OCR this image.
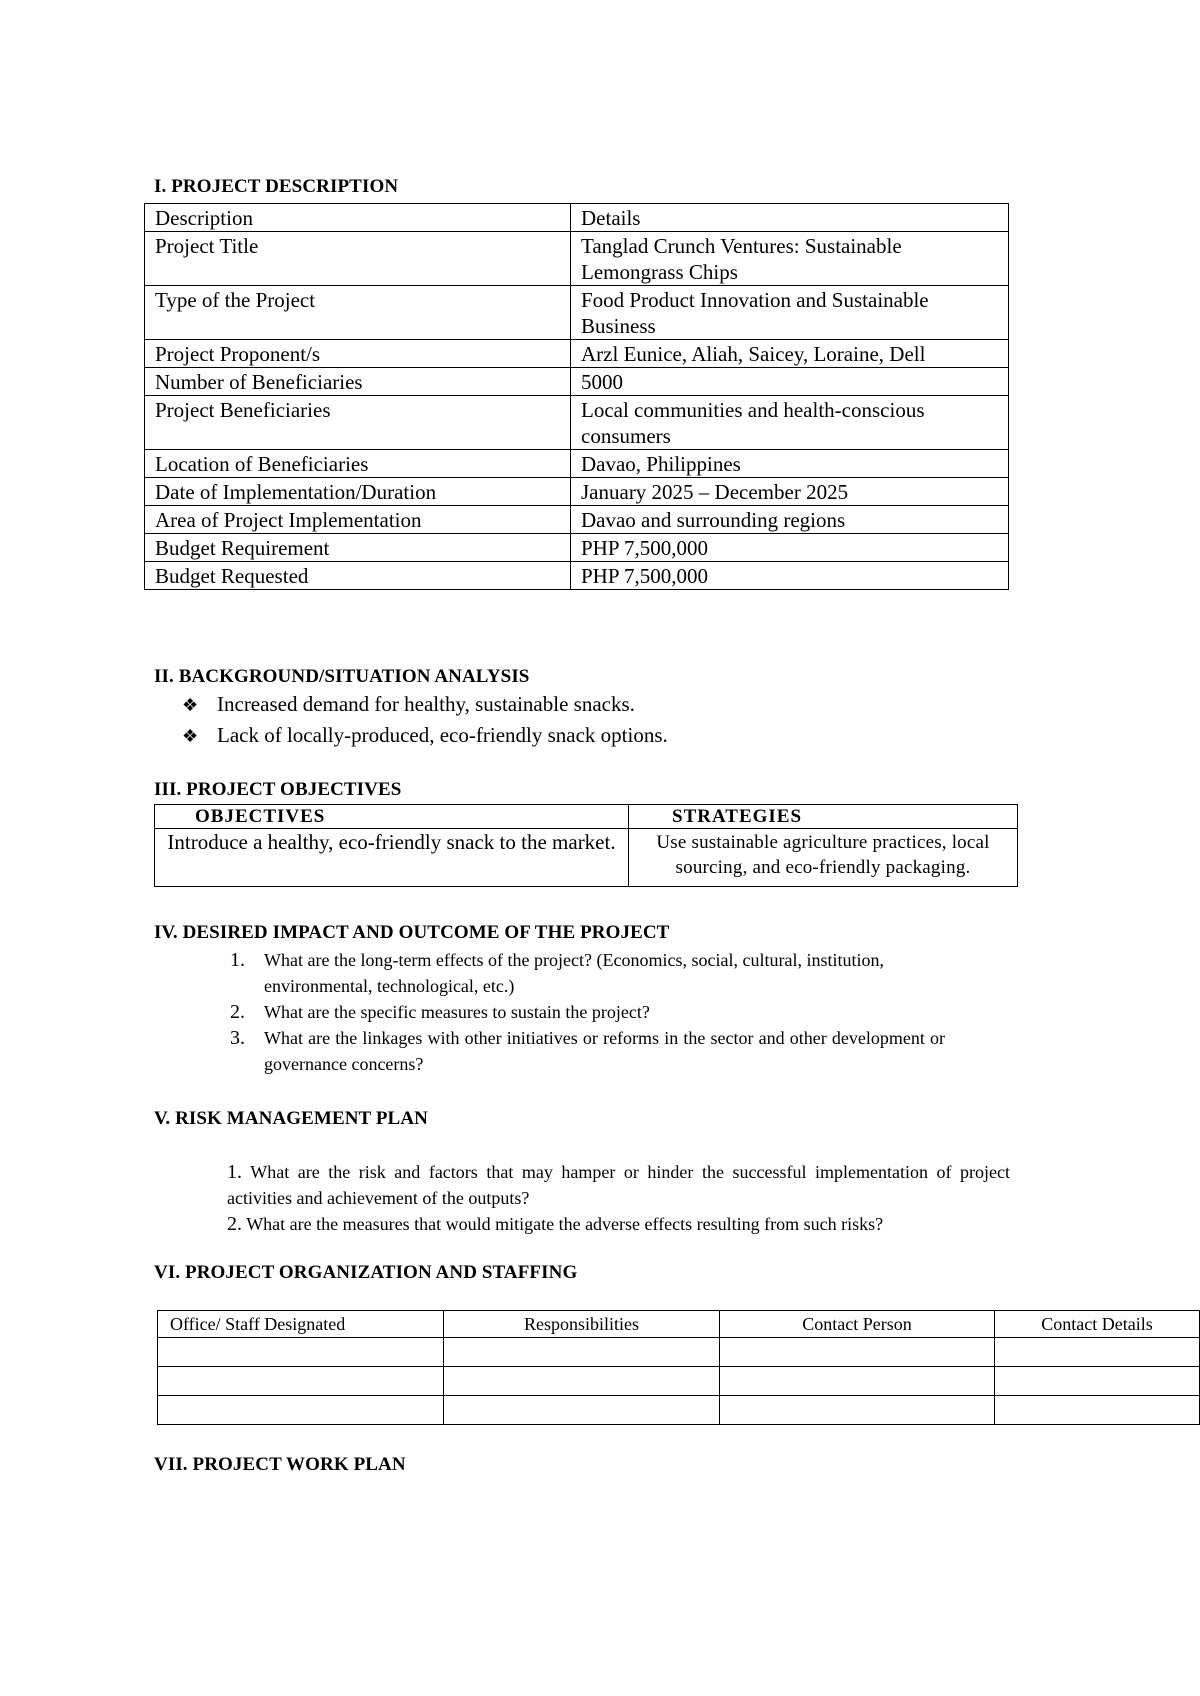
I. PROJECT DESCRIPTION
Description	Details
Project Title	Tanglad Crunch Ventures: Sustainable Lemongrass Chips
Type of the Project	Food Product Innovation and Sustainable Business
Project Proponent/s	Arzl Eunice, Aliah, Saicey, Loraine, Dell
Number of Beneficiaries	5000
Project Beneficiaries	Local communities and health-conscious consumers
Location of Beneficiaries	Davao, Philippines
Date of Implementation/Duration	January 2025 – December 2025
Area of Project Implementation	Davao and surrounding regions
Budget Requirement	PHP 7,500,000
Budget Requested	PHP 7,500,000
II. BACKGROUND/SITUATION ANALYSIS
❖ Increased demand for healthy, sustainable snacks.
❖ Lack of locally-produced, eco-friendly snack options.
III. PROJECT OBJECTIVES
OBJECTIVES	STRATEGIES
Introduce a healthy, eco-friendly snack to the market.	Use sustainable agriculture practices, local sourcing, and eco-friendly packaging.
IV. DESIRED IMPACT AND OUTCOME OF THE PROJECT
1.	What are the long-term effects of the project? (Economics, social, cultural, institution, environmental, technological, etc.)
2.	What are the specific measures to sustain the project?
3.	What are the linkages with other initiatives or reforms in the sector and other development or governance concerns?
V. RISK MANAGEMENT PLAN
1. What are the risk and factors that may hamper or hinder the successful implementation of project activities and achievement of the outputs?
2. What are the measures that would mitigate the adverse effects resulting from such risks?
VI. PROJECT ORGANIZATION AND STAFFING
Office/ Staff Designated	Responsibilities	Contact Person	Contact Details

VII. PROJECT WORK PLAN
